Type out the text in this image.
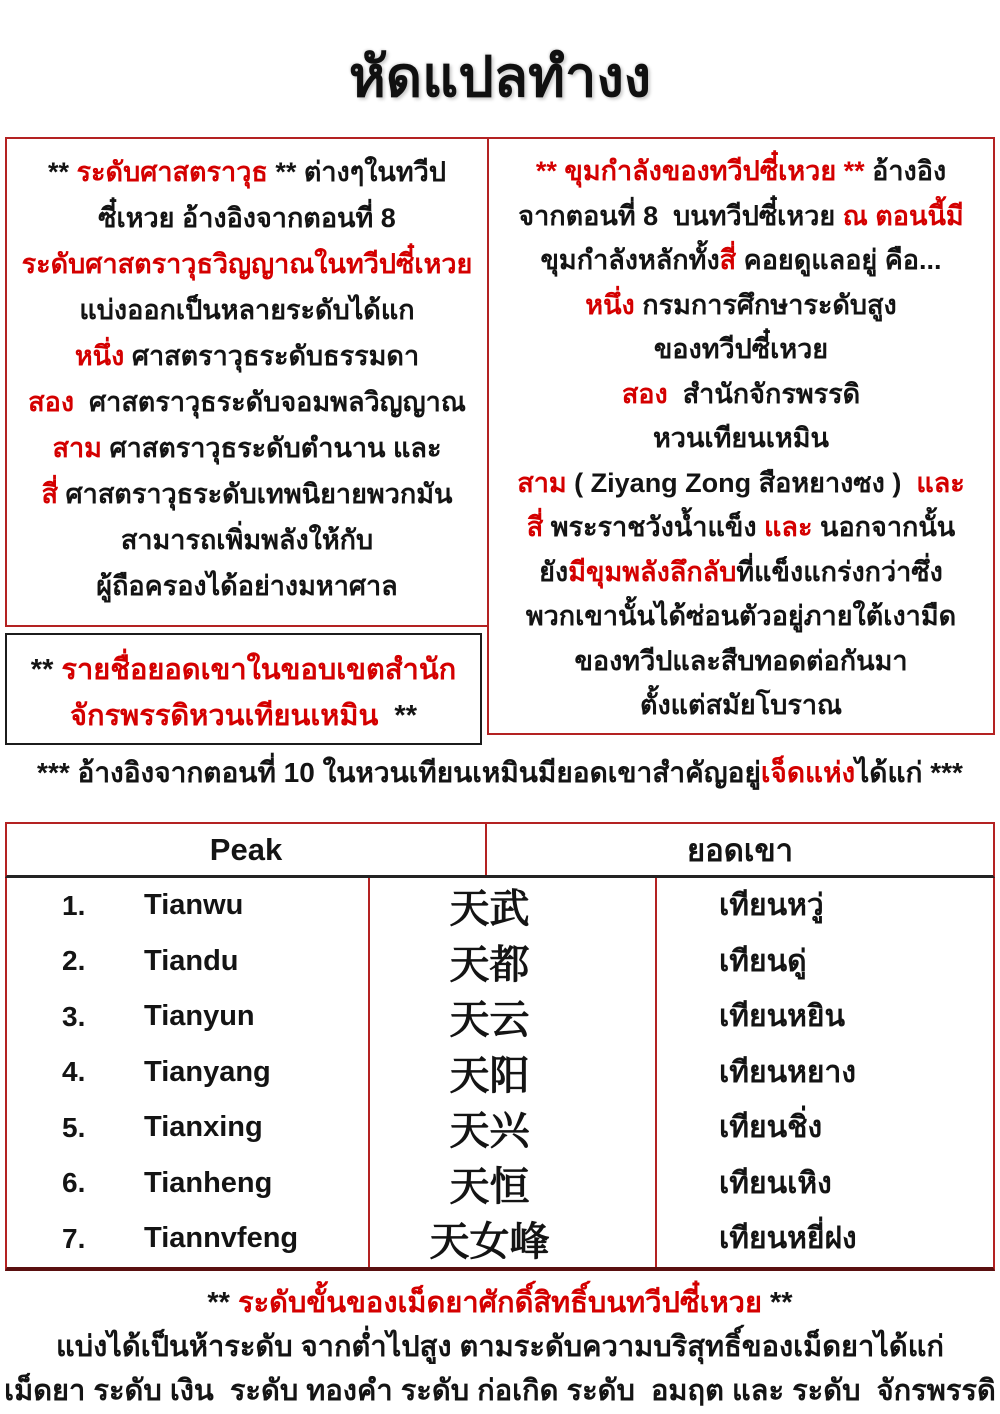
หัดแปลทำงง

** ระดับศาสตราวุธ ** ต่างๆในทวีป

ซี๋เหวย อ้างอิงจากตอนที่ 8

ระดับศาสตราวุธวิญญาณในทวีปซี๋เหวย

แบ่งออกเป็นหลายระดับได้แก

หนึ่ง ศาสตราวุธระดับธรรมดา

สอง  ศาสตราวุธระดับจอมพลวิญญาณ

สาม ศาสตราวุธระดับตำนาน และ

สี่ ศาสตราวุธระดับเทพนิยายพวกมัน

สามารถเพิ่มพลังให้กับ

ผู้ถือครองได้อย่างมหาศาล

** รายชื่อยอดเขาในขอบเขตสำนัก

จักรพรรดิหวนเทียนเหมิน  **

** ขุมกำลังของทวีปซี๋เหวย ** อ้างอิง

จากตอนที่ 8  บนทวีปซี๋เหวย ณ ตอนนี้มี

ขุมกำลังหลักทั้งสี่ คอยดูแลอยู่ คือ...

หนึ่ง กรมการศึกษาระดับสูง

ของทวีปซี๋เหวย

สอง  สำนักจักรพรรดิ

หวนเทียนเหมิน

สาม ( Ziyang Zong สือหยางซง )  และ

สี่ พระราชวังน้ำแข็ง และ นอกจากนั้น

ยังมีขุมพลังลึกลับที่แข็งแกร่งกว่าซึ่ง

พวกเขานั้นได้ซ่อนตัวอยู่ภายใต้เงามืด

ของทวีปและสืบทอดต่อกันมา

ตั้งแต่สมัยโบราณ

*** อ้างอิงจากตอนที่ 10 ในหวนเทียนเหมินมียอดเขาสำคัญอยู่เจ็ดแห่งได้แก่ ***

Peak	ยอดเขา
1.	Tianwu	天武	เทียนหวู่
2.	Tiandu	天都	เทียนดู่
3.	Tianyun	天云	เทียนหยิน
4.	Tianyang	天阳	เทียนหยาง
5.	Tianxing	天兴	เทียนชิ่ง
6.	Tianheng	天恒	เทียนเหิง
7.	Tiannvfeng	天女峰	เทียนหยี่ฝง

** ระดับขั้นของเม็ดยาศักดิ์สิทธิ์บนทวีปซี๋เหวย **

แบ่งได้เป็นห้าระดับ จากต่ำไปสูง ตามระดับความบริสุทธิ์ของเม็ดยาได้แก่

เม็ดยา ระดับ เงิน  ระดับ ทองคำ ระดับ ก่อเกิด ระดับ  อมฤต และ ระดับ  จักรพรรดิ
